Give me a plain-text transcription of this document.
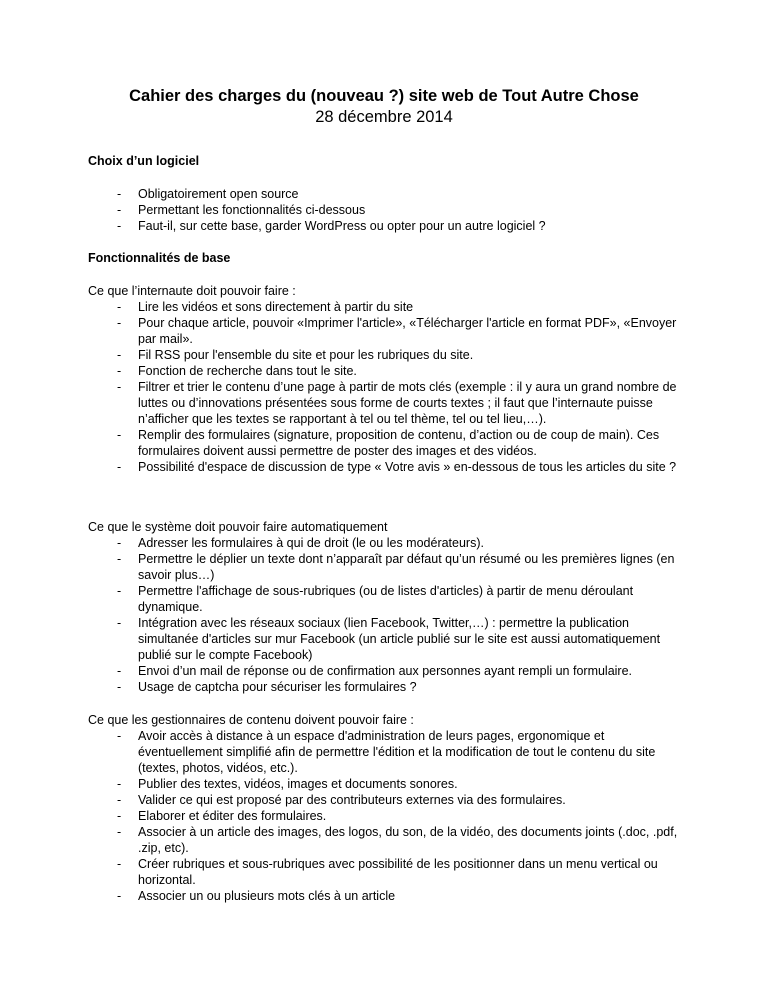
Cahier des charges du (nouveau ?) site web de Tout Autre Chose
28 décembre 2014
Choix d’un logiciel
- Obligatoirement open source
- Permettant les fonctionnalités ci-dessous
- Faut-il, sur cette base, garder WordPress ou opter pour un autre logiciel ?
Fonctionnalités de base
Ce que l’internaute doit pouvoir faire :
- Lire les vidéos et sons directement à partir du site
- Pour chaque article, pouvoir «Imprimer l'article», «Télécharger l'article en format PDF», «Envoyer par mail».
- Fil RSS pour l'ensemble du site et pour les rubriques du site.
- Fonction de recherche dans tout le site.
- Filtrer et trier le contenu d’une page à partir de mots clés (exemple : il y aura un grand nombre de luttes ou d’innovations présentées sous forme de courts textes ; il faut que l’internaute puisse n’afficher que les textes se rapportant à tel ou tel thème, tel ou tel lieu,…).
- Remplir des formulaires (signature, proposition de contenu, d’action ou de coup de main). Ces formulaires doivent aussi permettre de poster des images et des vidéos.
- Possibilité d'espace de discussion de type « Votre avis » en-dessous de tous les articles du site ?
Ce que le système doit pouvoir faire automatiquement
- Adresser les formulaires à qui de droit (le ou les modérateurs).
- Permettre le déplier un texte dont n’apparaît par défaut qu’un résumé ou les premières lignes (en savoir plus…)
- Permettre l'affichage de sous-rubriques (ou de listes d'articles) à partir de menu déroulant dynamique.
- Intégration avec les réseaux sociaux (lien Facebook, Twitter,…) : permettre la publication simultanée d'articles sur mur Facebook (un article publié sur le site est aussi automatiquement publié sur le compte Facebook)
- Envoi d’un mail de réponse ou de confirmation aux personnes ayant rempli un formulaire.
- Usage de captcha pour sécuriser les formulaires ?
Ce que les gestionnaires de contenu doivent pouvoir faire :
- Avoir accès à distance à un espace d'administration de leurs pages, ergonomique et éventuellement simplifié afin de permettre l'édition et la modification de tout le contenu du site (textes, photos, vidéos, etc.).
- Publier des textes, vidéos, images et documents sonores.
- Valider ce qui est proposé par des contributeurs externes via des formulaires.
- Elaborer et éditer des formulaires.
- Associer à un article des images, des logos, du son, de la vidéo, des documents joints (.doc, .pdf, .zip, etc).
- Créer rubriques et sous-rubriques avec possibilité de les positionner dans un menu vertical ou horizontal.
- Associer un ou plusieurs mots clés à un article
